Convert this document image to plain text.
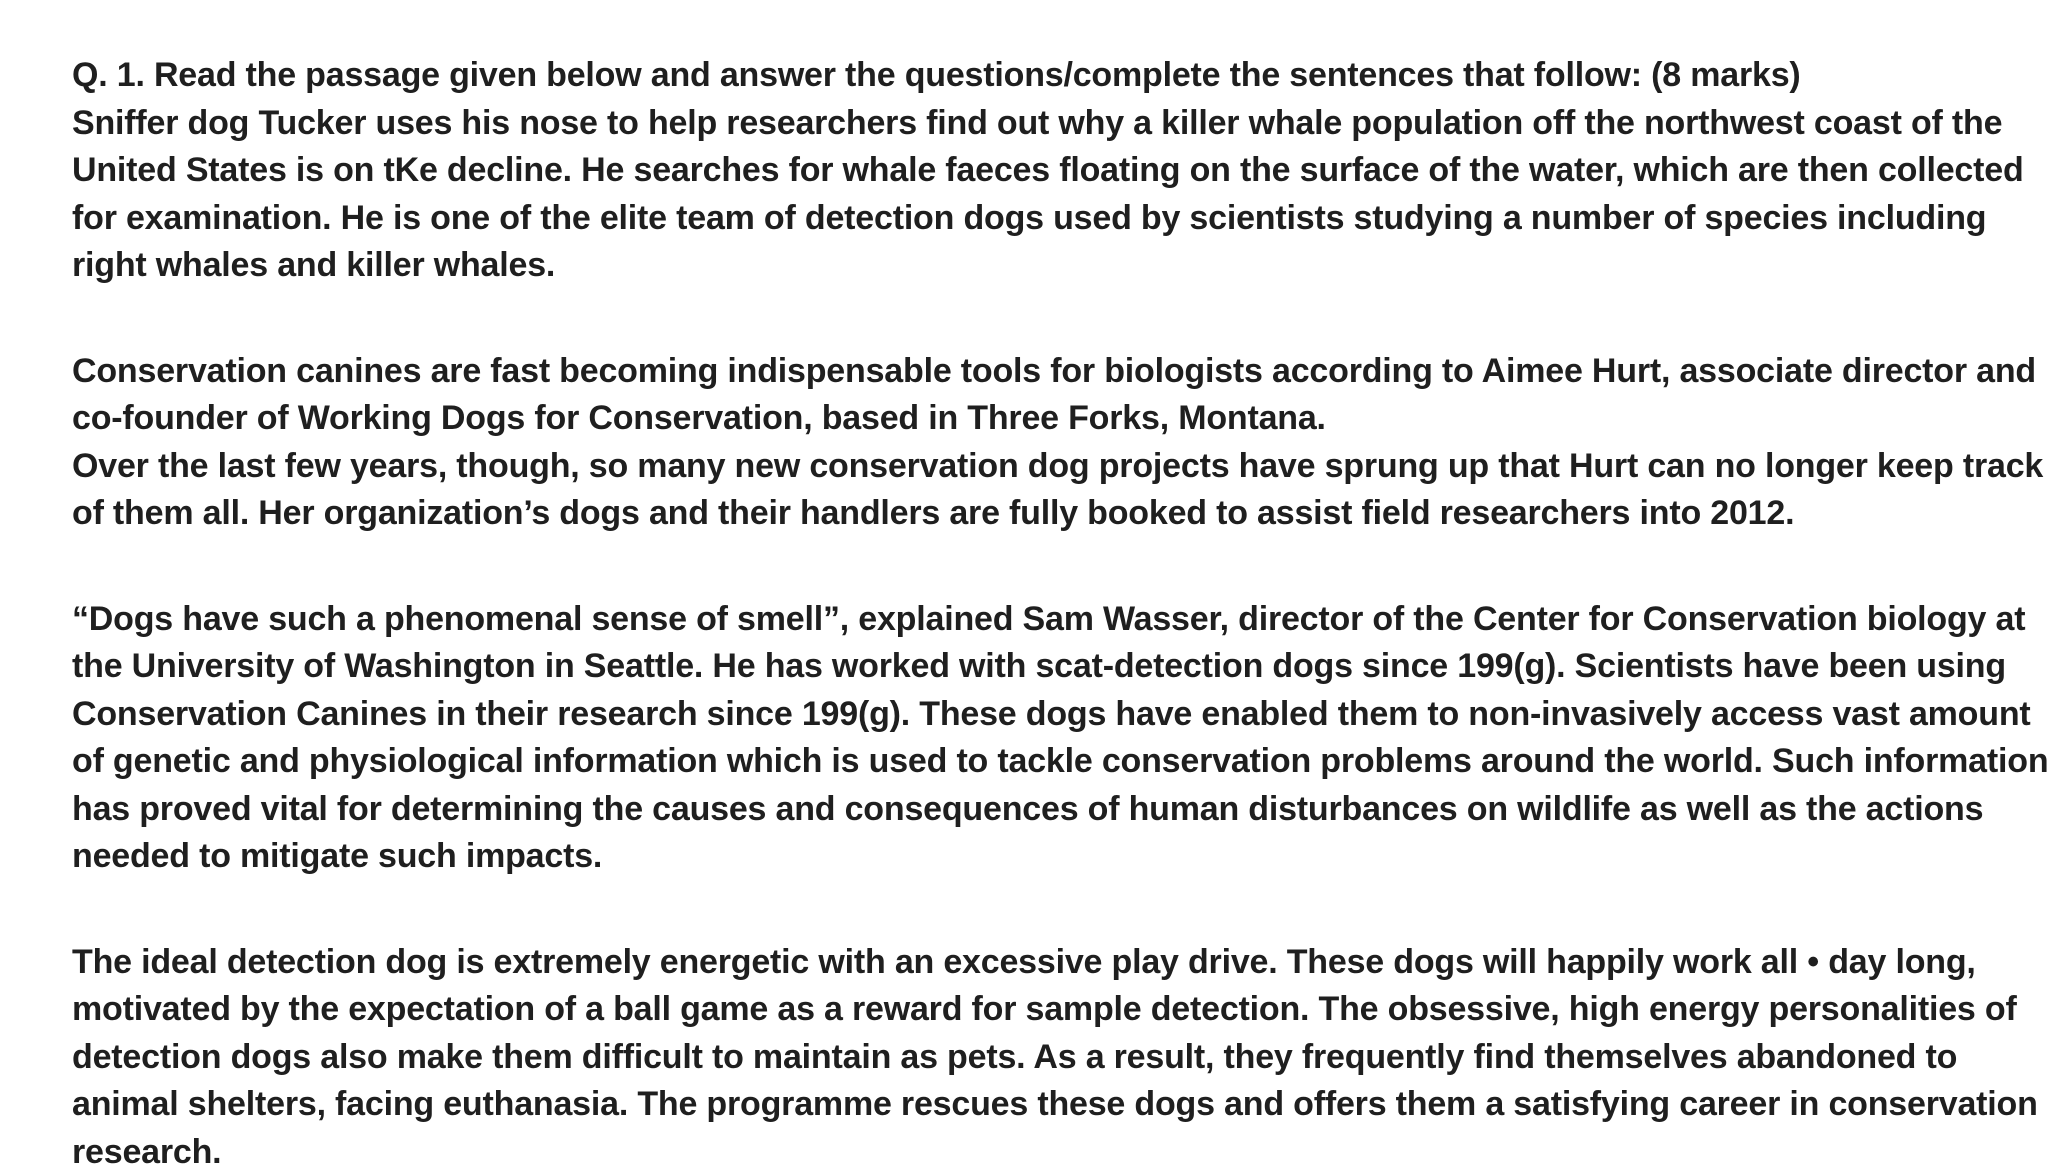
Q. 1. Read the passage given below and answer the questions/complete the sentences that follow: (8 marks)

Sniffer dog Tucker uses his nose to help researchers find out why a killer whale population off the northwest coast of the

United States is on tKe decline. He searches for whale faeces floating on the surface of the water, which are then collected

for examination. He is one of the elite team of detection dogs used by scientists studying a number of species including

right whales and killer whales.

Conservation canines are fast becoming indispensable tools for biologists according to Aimee Hurt, associate director and

co-founder of Working Dogs for Conservation, based in Three Forks, Montana.

Over the last few years, though, so many new conservation dog projects have sprung up that Hurt can no longer keep track

of them all. Her organization’s dogs and their handlers are fully booked to assist field researchers into 2012.

“Dogs have such a phenomenal sense of smell”, explained Sam Wasser, director of the Center for Conservation biology at

the University of Washington in Seattle. He has worked with scat-detection dogs since 199(g). Scientists have been using

Conservation Canines in their research since 199(g). These dogs have enabled them to non-invasively access vast amount

of genetic and physiological information which is used to tackle conservation problems around the world. Such information

has proved vital for determining the causes and consequences of human disturbances on wildlife as well as the actions

needed to mitigate such impacts.

The ideal detection dog is extremely energetic with an excessive play drive. These dogs will happily work all • day long,

motivated by the expectation of a ball game as a reward for sample detection. The obsessive, high energy personalities of

detection dogs also make them difficult to maintain as pets. As a result, they frequently find themselves abandoned to

animal shelters, facing euthanasia. The programme rescues these dogs and offers them a satisfying career in conservation

research.
